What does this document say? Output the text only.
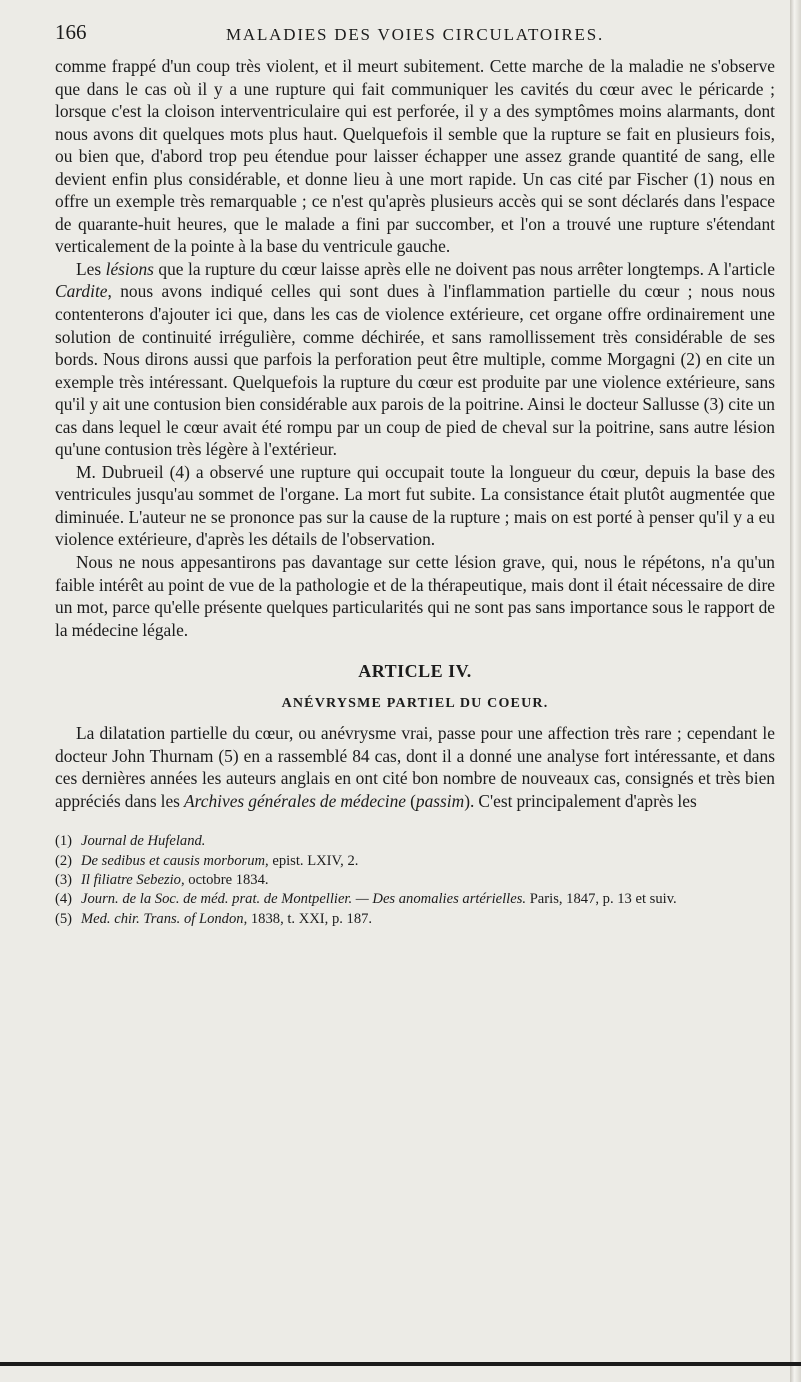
166	MALADIES DES VOIES CIRCULATOIRES.

comme frappé d'un coup très violent, et il meurt subitement. Cette marche de la maladie ne s'observe que dans le cas où il y a une rupture qui fait communiquer les cavités du cœur avec le péricarde ; lorsque c'est la cloison interventriculaire qui est perforée, il y a des symptômes moins alarmants, dont nous avons dit quelques mots plus haut. Quelquefois il semble que la rupture se fait en plusieurs fois, ou bien que, d'abord trop peu étendue pour laisser échapper une assez grande quantité de sang, elle devient enfin plus considérable, et donne lieu à une mort rapide. Un cas cité par Fischer (1) nous en offre un exemple très remarquable ; ce n'est qu'après plusieurs accès qui se sont déclarés dans l'espace de quarante-huit heures, que le malade a fini par succomber, et l'on a trouvé une rupture s'étendant verticalement de la pointe à la base du ventricule gauche.

Les lésions que la rupture du cœur laisse après elle ne doivent pas nous arrêter longtemps. A l'article Cardite, nous avons indiqué celles qui sont dues à l'inflammation partielle du cœur ; nous nous contenterons d'ajouter ici que, dans les cas de violence extérieure, cet organe offre ordinairement une solution de continuité irrégulière, comme déchirée, et sans ramollissement très considérable de ses bords. Nous dirons aussi que parfois la perforation peut être multiple, comme Morgagni (2) en cite un exemple très intéressant. Quelquefois la rupture du cœur est produite par une violence extérieure, sans qu'il y ait une contusion bien considérable aux parois de la poitrine. Ainsi le docteur Sallusse (3) cite un cas dans lequel le cœur avait été rompu par un coup de pied de cheval sur la poitrine, sans autre lésion qu'une contusion très légère à l'extérieur.

M. Dubrueil (4) a observé une rupture qui occupait toute la longueur du cœur, depuis la base des ventricules jusqu'au sommet de l'organe. La mort fut subite. La consistance était plutôt augmentée que diminuée. L'auteur ne se prononce pas sur la cause de la rupture ; mais on est porté à penser qu'il y a eu violence extérieure, d'après les détails de l'observation.

Nous ne nous appesantirons pas davantage sur cette lésion grave, qui, nous le répétons, n'a qu'un faible intérêt au point de vue de la pathologie et de la thérapeutique, mais dont il était nécessaire de dire un mot, parce qu'elle présente quelques particularités qui ne sont pas sans importance sous le rapport de la médecine légale.

ARTICLE IV.
ANÉVRYSME PARTIEL DU COEUR.

La dilatation partielle du cœur, ou anévrysme vrai, passe pour une affection très rare ; cependant le docteur John Thurnam (5) en a rassemblé 84 cas, dont il a donné une analyse fort intéressante, et dans ces dernières années les auteurs anglais en ont cité bon nombre de nouveaux cas, consignés et très bien appréciés dans les Archives générales de médecine (passim). C'est principalement d'après les

(1) Journal de Hufeland.
(2) De sedibus et causis morborum, epist. LXIV, 2.
(3) Il filiatre Sebezio, octobre 1834.
(4) Journ. de la Soc. de méd. prat. de Montpellier. — Des anomalies artérielles. Paris, 1847, p. 13 et suiv.
(5) Med. chir. Trans. of London, 1838, t. XXI, p. 187.
